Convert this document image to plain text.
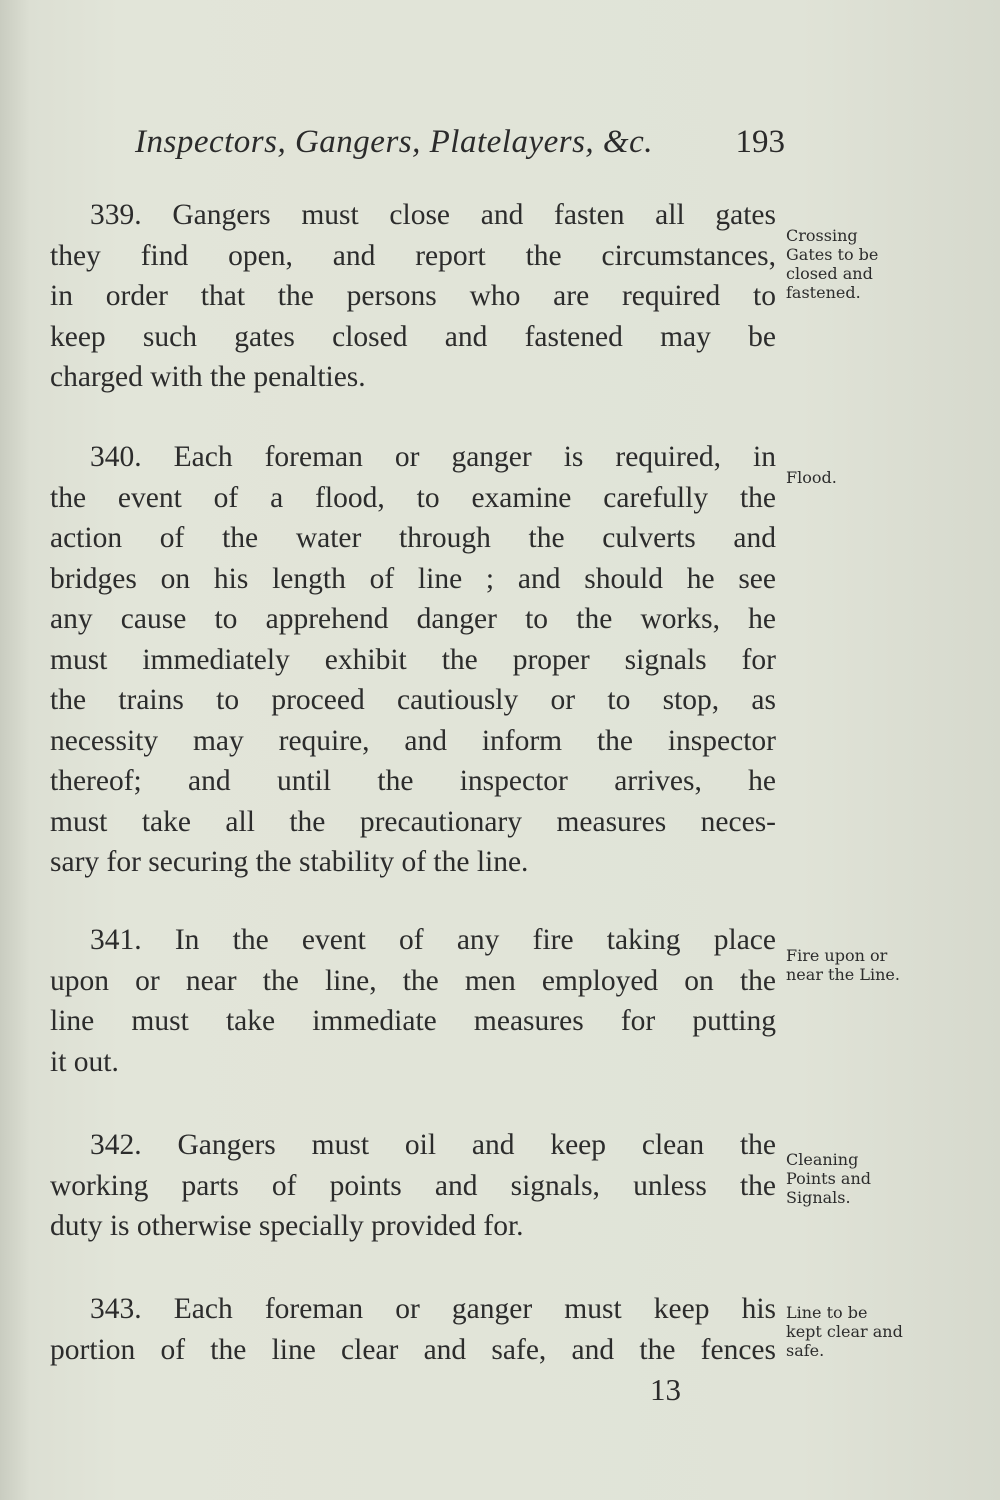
Inspectors, Gangers, Platelayers, &c.	193
339. Gangers must close and fasten all gates
they find open, and report the circumstances,
in order that the persons who are required to
keep such gates closed and fastened may be
charged with the penalties.
Crossing
Gates to be
closed and
fastened.
340. Each foreman or ganger is required, in
the event of a flood, to examine carefully the
action of the water through the culverts and
bridges on his length of line ; and should he see
any cause to apprehend danger to the works, he
must immediately exhibit the proper signals for
the trains to proceed cautiously or to stop, as
necessity may require, and inform the inspector
thereof; and until the inspector arrives, he
must take all the precautionary measures neces-
sary for securing the stability of the line.
Flood.
341. In the event of any fire taking place
upon or near the line, the men employed on the
line must take immediate measures for putting
it out.
Fire upon or
near the Line.
342. Gangers must oil and keep clean the
working parts of points and signals, unless the
duty is otherwise specially provided for.
Cleaning
Points and
Signals.
343. Each foreman or ganger must keep his
portion of the line clear and safe, and the fences
Line to be
kept clear and
safe.
13
